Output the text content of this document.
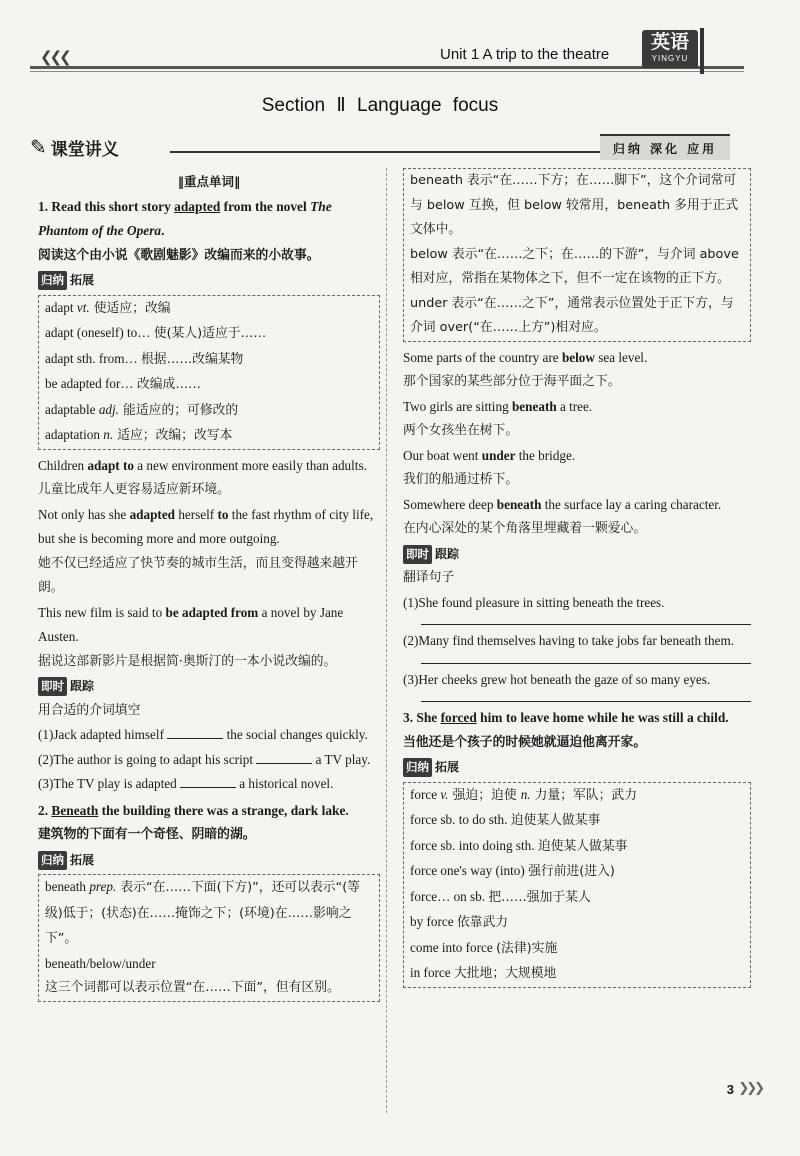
❮❮❮	Unit 1 A trip to the theatre
英语
YINGYU
Section Ⅱ Language focus
✎ 课堂讲义	归纳 深化 应用
‖重点单词‖
1. Read this short story adapted from the novel The Phantom of the Opera.
阅读这个由小说《歌剧魅影》改编而来的小故事。
归纳 拓展
adapt vt. 使适应；改编
adapt (oneself) to… 使(某人)适应于……
adapt sth. from… 根据……改编某物
be adapted for… 改编成……
adaptable adj. 能适应的；可修改的
adaptation n. 适应；改编；改写本
Children adapt to a new environment more easily than adults.
儿童比成年人更容易适应新环境。
Not only has she adapted herself to the fast rhythm of city life, but she is becoming more and more outgoing.
她不仅已经适应了快节奏的城市生活，而且变得越来越开朗。
This new film is said to be adapted from a novel by Jane Austen.
据说这部新影片是根据简·奥斯汀的一本小说改编的。
即时 跟踪
用合适的介词填空
(1)Jack adapted himself	the social changes quickly.
(2)The author is going to adapt his script	a TV play.
(3)The TV play is adapted	a historical novel.
2. Beneath the building there was a strange, dark lake.
建筑物的下面有一个奇怪、阴暗的湖。
归纳 拓展
beneath prep. 表示“在……下面(下方)”，还可以表示“(等级)低于；(状态)在……掩饰之下；(环境)在……影响之下”。
beneath/below/under
这三个词都可以表示位置“在……下面”，但有区别。
beneath 表示“在……下方；在……脚下”，这个介词常可与 below 互换，但 below 较常用，beneath 多用于正式文体中。
below 表示“在……之下；在……的下游”，与介词 above 相对应，常指在某物体之下，但不一定在该物的正下方。
under 表示“在……之下”，通常表示位置处于正下方，与介词 over(“在……上方”)相对应。
Some parts of the country are below sea level.
那个国家的某些部分位于海平面之下。
Two girls are sitting beneath a tree.
两个女孩坐在树下。
Our boat went under the bridge.
我们的船通过桥下。
Somewhere deep beneath the surface lay a caring character.
在内心深处的某个角落里埋藏着一颗爱心。
即时 跟踪
翻译句子
(1)She found pleasure in sitting beneath the trees.
(2)Many find themselves having to take jobs far beneath them.
(3)Her cheeks grew hot beneath the gaze of so many eyes.
3. She forced him to leave home while he was still a child.
当他还是个孩子的时候她就逼迫他离开家。
归纳 拓展
force v. 强迫；迫使 n. 力量；军队；武力
force sb. to do sth. 迫使某人做某事
force sb. into doing sth. 迫使某人做某事
force one's way (into) 强行前进(进入)
force… on sb. 把……强加于某人
by force 依靠武力
come into force (法律)实施
in force 大批地；大规模地
3 ❯❯❯
